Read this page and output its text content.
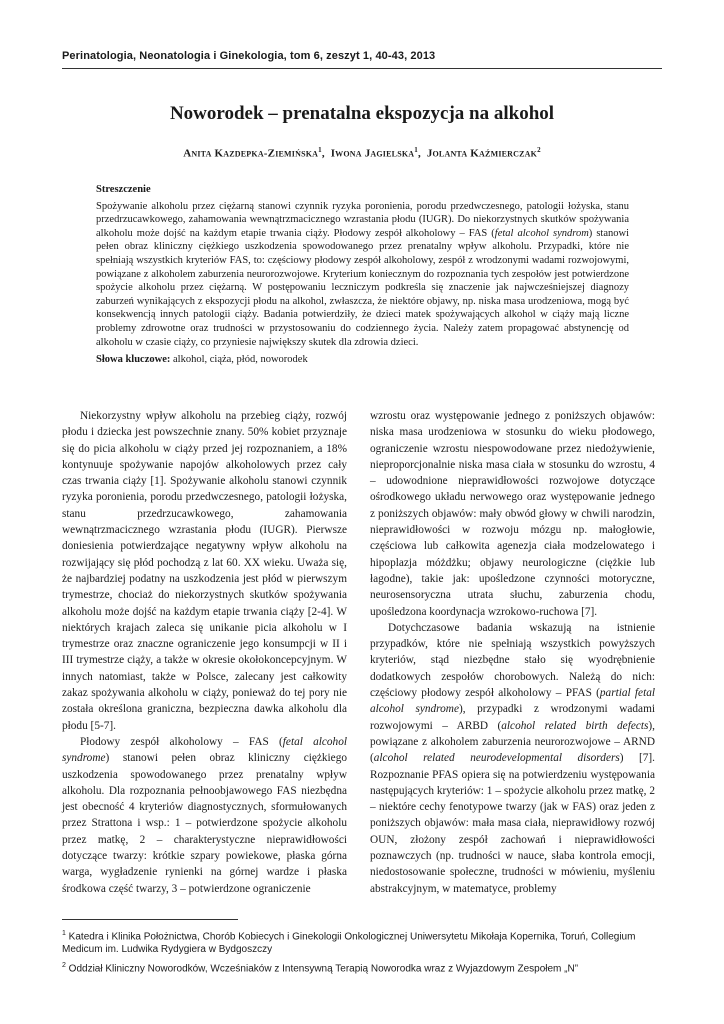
Perinatologia, Neonatologia i Ginekologia, tom 6, zeszyt 1, 40-43, 2013
Noworodek – prenatalna ekspozycja na alkohol
Anita Kazdepka-Ziemińska$^1$,  Iwona Jagielska$^1$,  Jolanta Kaźmierczak$^2$
Streszczenie

Spożywanie alkoholu przez ciężarną stanowi czynnik ryzyka poronienia, porodu przedwczesnego, patologii łożyska, stanu przedrzucawkowego, zahamowania wewnątrzmacicznego wzrastania płodu (IUGR). Do niekorzystnych skutków spożywania alkoholu może dojść na każdym etapie trwania ciąży. Płodowy zespół alkoholowy – FAS (fetal alcohol syndrom) stanowi pełen obraz kliniczny ciężkiego uszkodzenia spowodowanego przez prenatalny wpływ alkoholu. Przypadki, które nie spełniają wszystkich kryteriów FAS, to: częściowy płodowy zespół alkoholowy, zespół z wrodzonymi wadami rozwojowymi, powiązane z alkoholem zaburzenia neurorozwojowe. Kryterium koniecznym do rozpoznania tych zespołów jest potwierdzone spożycie alkoholu przez ciężarną. W postępowaniu leczniczym podkreśla się znaczenie jak najwcześniejszej diagnozy zaburzeń wynikających z ekspozycji płodu na alkohol, zwłaszcza, że niektóre objawy, np. niska masa urodzeniowa, mogą być konsekwencją innych patologii ciąży. Badania potwierdziły, że dzieci matek spożywających alkohol w ciąży mają liczne problemy zdrowotne oraz trudności w przystosowaniu do codziennego życia. Należy zatem propagować abstynencję od alkoholu w czasie ciąży, co przyniesie największy skutek dla zdrowia dzieci.

Słowa kluczowe: alkohol, ciąża, płód, noworodek

Niekorzystny wpływ alkoholu na przebieg ciąży, rozwój płodu i dziecka jest powszechnie znany. 50% kobiet przyznaje się do picia alkoholu w ciąży przed jej rozpoznaniem, a 18% kontynuuje spożywanie napojów alkoholowych przez cały czas trwania ciąży [1]. Spożywanie alkoholu stanowi czynnik ryzyka poronienia, porodu przedwczesnego, patologii łożyska, stanu przedrzucawkowego, zahamowania wewnątrzmacicznego wzrastania płodu (IUGR). Pierwsze doniesienia potwierdzające negatywny wpływ alkoholu na rozwijający się płód pochodzą z lat 60. XX wieku. Uważa się, że najbardziej podatny na uszkodzenia jest płód w pierwszym trymestrze, chociaż do niekorzystnych skutków spożywania alkoholu może dojść na każdym etapie trwania ciąży [2-4]. W niektórych krajach zaleca się unikanie picia alkoholu w I trymestrze oraz znaczne ograniczenie jego konsumpcji w II i III trymestrze ciąży, a także w okresie okołokoncepcyjnym. W innych natomiast, także w Polsce, zalecany jest całkowity zakaz spożywania alkoholu w ciąży, ponieważ do tej pory nie została określona graniczna, bezpieczna dawka alkoholu dla płodu [5-7].

Płodowy zespół alkoholowy – FAS (fetal alcohol syndrome) stanowi pełen obraz kliniczny ciężkiego uszkodzenia spowodowanego przez prenatalny wpływ alkoholu. Dla rozpoznania pełnoobjawowego FAS niezbędna jest obecność 4 kryteriów diagnostycznych, sformułowanych przez Strattona i wsp.: 1 – potwierdzone spożycie alkoholu przez matkę, 2 – charakterystyczne nieprawidłowości dotyczące twarzy: krótkie szpary powiekowe, płaska górna warga, wygładzenie rynienki na górnej wardze i płaska środkowa część twarzy, 3 – potwierdzone ograniczenie

wzrostu oraz występowanie jednego z poniższych objawów: niska masa urodzeniowa w stosunku do wieku płodowego, ograniczenie wzrostu niespowodowane przez niedożywienie, nieproporcjonalnie niska masa ciała w stosunku do wzrostu, 4 – udowodnione nieprawidłowości rozwojowe dotyczące ośrodkowego układu nerwowego oraz występowanie jednego z poniższych objawów: mały obwód głowy w chwili narodzin, nieprawidłowości w rozwoju mózgu np. małogłowie, częściowa lub całkowita agenezja ciała modzelowatego i hipoplazja móżdżku; objawy neurologiczne (ciężkie lub łagodne), takie jak: upośledzone czynności motoryczne, neurosensoryczna utrata słuchu, zaburzenia chodu, upośledzona koordynacja wzrokowo-ruchowa [7].

Dotychczasowe badania wskazują na istnienie przypadków, które nie spełniają wszystkich powyższych kryteriów, stąd niezbędne stało się wyodrębnienie dodatkowych zespołów chorobowych. Należą do nich: częściowy płodowy zespół alkoholowy – PFAS (partial fetal alcohol syndrome), przypadki z wrodzonymi wadami rozwojowymi – ARBD (alcohol related birth defects), powiązane z alkoholem zaburzenia neurorozwojowe – ARND (alcohol related neurodevelopmental disorders) [7]. Rozpoznanie PFAS opiera się na potwierdzeniu występowania następujących kryteriów: 1 – spożycie alkoholu przez matkę, 2 – niektóre cechy fenotypowe twarzy (jak w FAS) oraz jeden z poniższych objawów: mała masa ciała, nieprawidłowy rozwój OUN, złożony zespół zachowań i nieprawidłowości poznawczych (np. trudności w nauce, słaba kontrola emocji, niedostosowanie społeczne, trudności w mówieniu, myśleniu abstrakcyjnym, w matematyce, problemy

$^1$ Katedra i Klinika Położnictwa, Chorób Kobiecych i Ginekologii Onkologicznej Uniwersytetu Mikołaja Kopernika, Toruń, Collegium Medicum im. Ludwika Rydygiera w Bydgoszczy

$^2$ Oddział Kliniczny Noworodków, Wcześniaków z Intensywną Terapią Noworodka wraz z Wyjazdowym Zespołem „N”
